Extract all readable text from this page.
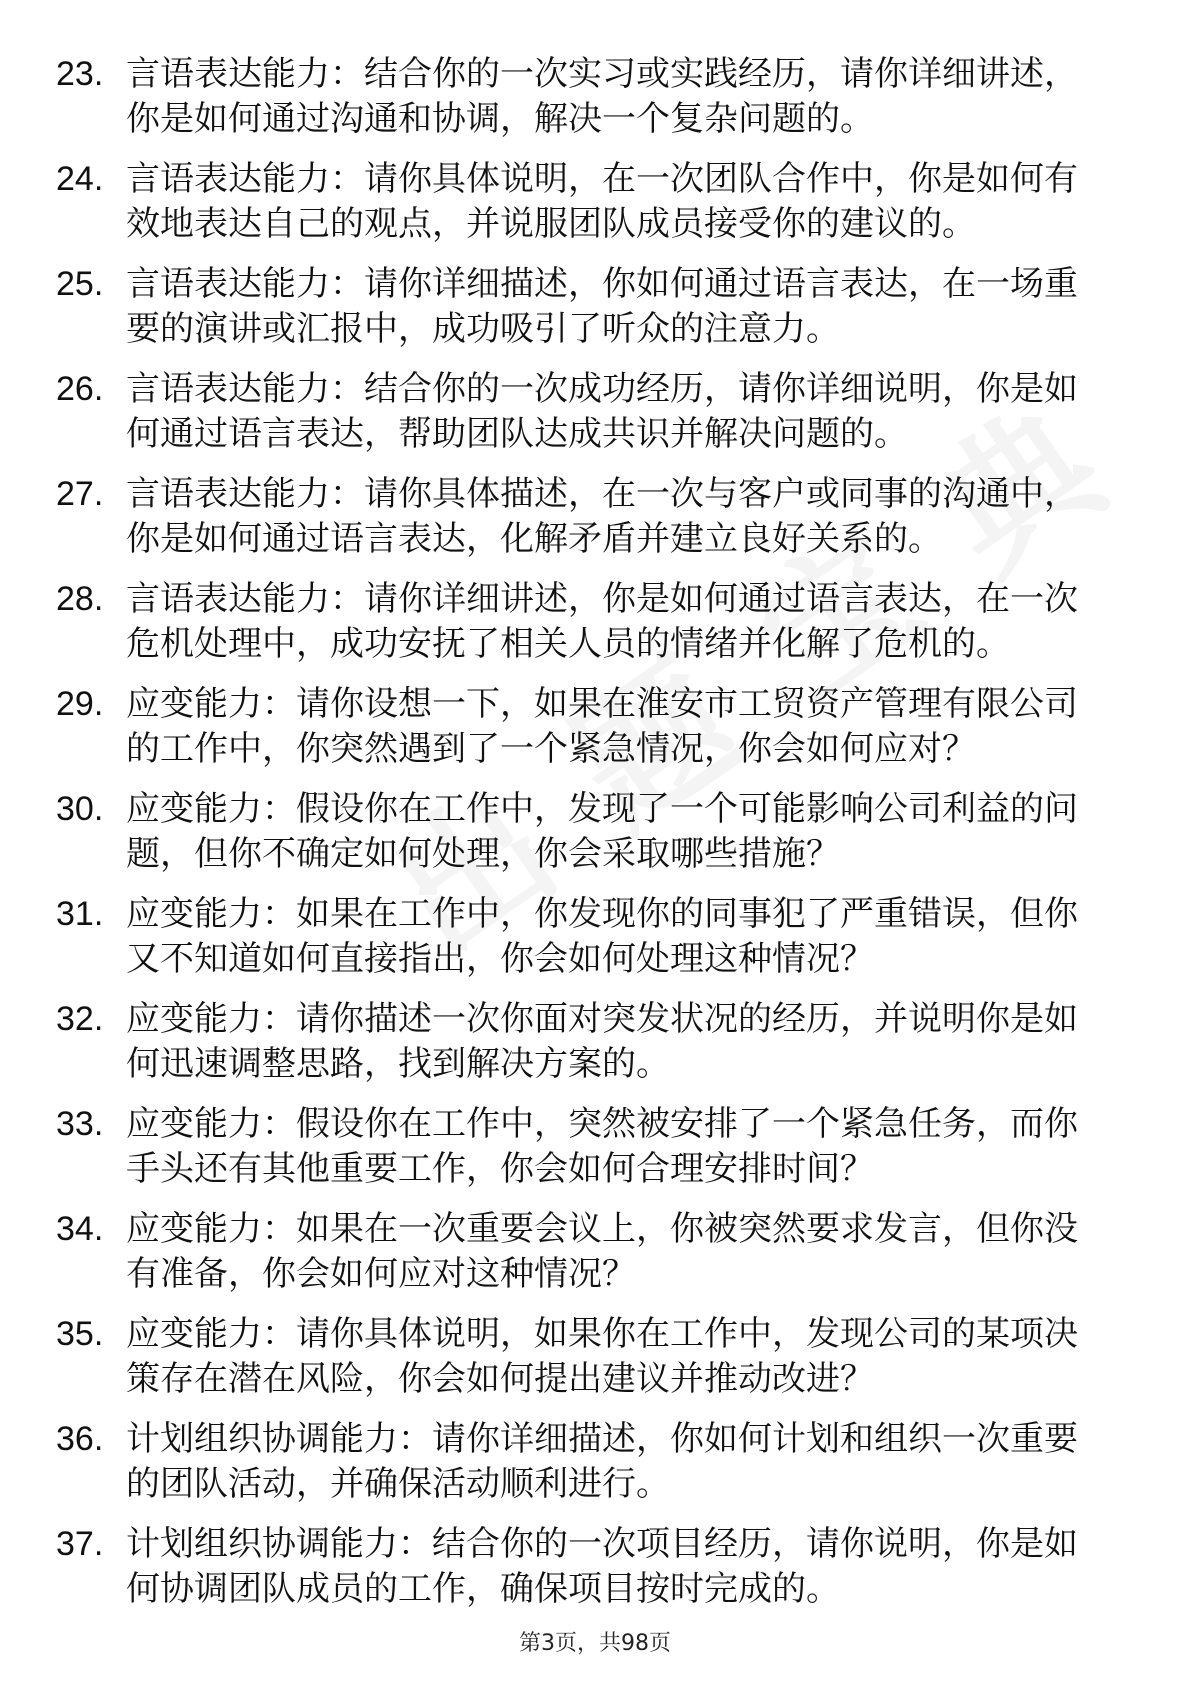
23. 言语表达能力：结合你的一次实习或实践经历，请你详细讲述，你是如何通过沟通和协调，解决一个复杂问题的。
24. 言语表达能力：请你具体说明，在一次团队合作中，你是如何有效地表达自己的观点，并说服团队成员接受你的建议的。
25. 言语表达能力：请你详细描述，你如何通过语言表达，在一场重要的演讲或汇报中，成功吸引了听众的注意力。
26. 言语表达能力：结合你的一次成功经历，请你详细说明，你是如何通过语言表达，帮助团队达成共识并解决问题的。
27. 言语表达能力：请你具体描述，在一次与客户或同事的沟通中，你是如何通过语言表达，化解矛盾并建立良好关系的。
28. 言语表达能力：请你详细讲述，你是如何通过语言表达，在一次危机处理中，成功安抚了相关人员的情绪并化解了危机的。
29. 应变能力：请你设想一下，如果在淮安市工贸资产管理有限公司的工作中，你突然遇到了一个紧急情况，你会如何应对？
30. 应变能力：假设你在工作中，发现了一个可能影响公司利益的问题，但你不确定如何处理，你会采取哪些措施？
31. 应变能力：如果在工作中，你发现你的同事犯了严重错误，但你又不知道如何直接指出，你会如何处理这种情况？
32. 应变能力：请你描述一次你面对突发状况的经历，并说明你是如何迅速调整思路，找到解决方案的。
33. 应变能力：假设你在工作中，突然被安排了一个紧急任务，而你手头还有其他重要工作，你会如何合理安排时间？
34. 应变能力：如果在一次重要会议上，你被突然要求发言，但你没有准备，你会如何应对这种情况？
35. 应变能力：请你具体说明，如果你在工作中，发现公司的某项决策存在潜在风险，你会如何提出建议并推动改进？
36. 计划组织协调能力：请你详细描述，你如何计划和组织一次重要的团队活动，并确保活动顺利进行。
37. 计划组织协调能力：结合你的一次项目经历，请你说明，你是如何协调团队成员的工作，确保项目按时完成的。
第3页，共98页
